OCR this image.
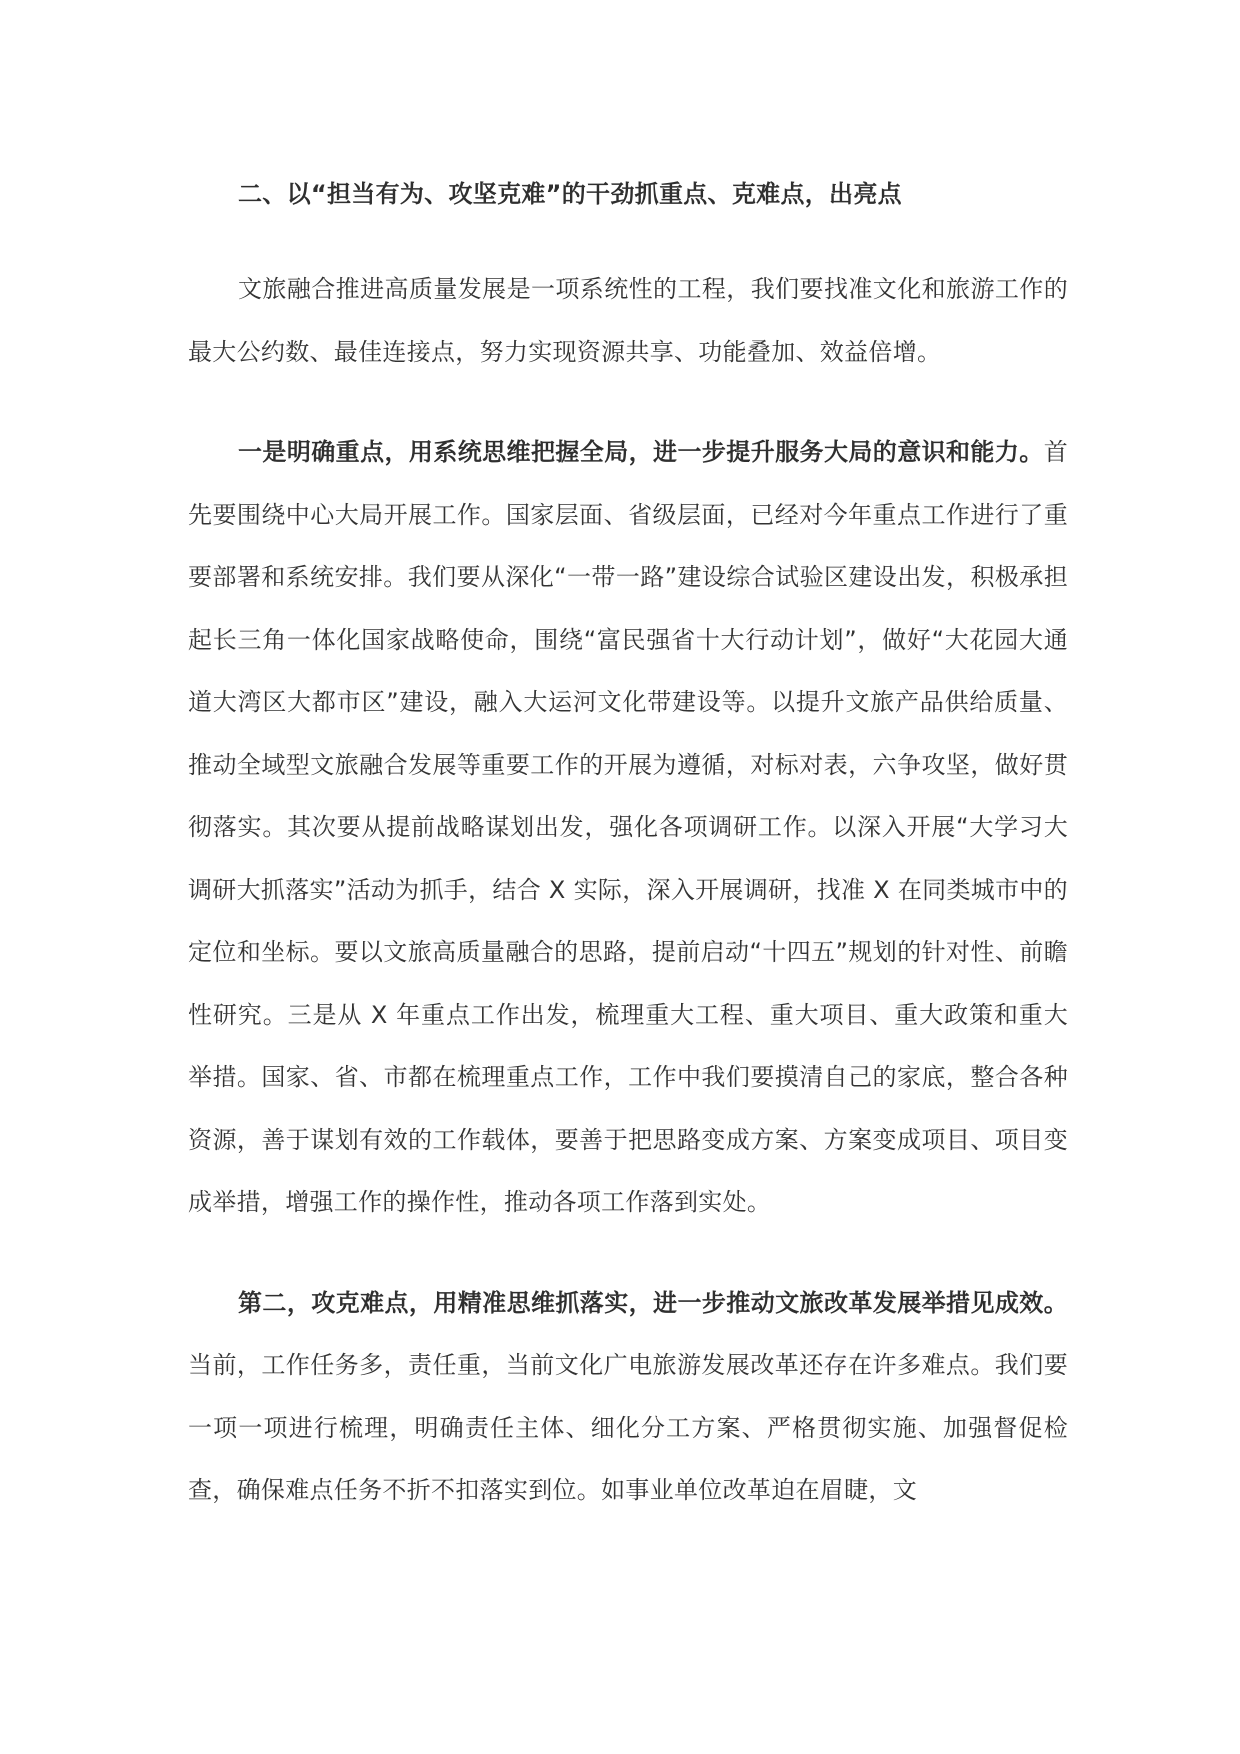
二、以“担当有为、攻坚克难”的干劲抓重点、克难点，出亮点

文旅融合推进高质量发展是一项系统性的工程，我们要找准文化和旅游工作的最大公约数、最佳连接点，努力实现资源共享、功能叠加、效益倍增。

一是明确重点，用系统思维把握全局，进一步提升服务大局的意识和能力。首先要围绕中心大局开展工作。国家层面、省级层面，已经对今年重点工作进行了重要部署和系统安排。我们要从深化“一带一路”建设综合试验区建设出发，积极承担起长三角一体化国家战略使命，围绕“富民强省十大行动计划”，做好“大花园大通道大湾区大都市区”建设，融入大运河文化带建设等。以提升文旅产品供给质量、推动全域型文旅融合发展等重要工作的开展为遵循，对标对表，六争攻坚，做好贯彻落实。其次要从提前战略谋划出发，强化各项调研工作。以深入开展“大学习大调研大抓落实”活动为抓手，结合 X 实际，深入开展调研，找准 X 在同类城市中的定位和坐标。要以文旅高质量融合的思路，提前启动“十四五”规划的针对性、前瞻性研究。三是从 X 年重点工作出发，梳理重大工程、重大项目、重大政策和重大举措。国家、省、市都在梳理重点工作，工作中我们要摸清自己的家底，整合各种资源，善于谋划有效的工作载体，要善于把思路变成方案、方案变成项目、项目变成举措，增强工作的操作性，推动各项工作落到实处。

第二，攻克难点，用精准思维抓落实，进一步推动文旅改革发展举措见成效。当前，工作任务多，责任重，当前文化广电旅游发展改革还存在许多难点。我们要一项一项进行梳理，明确责任主体、细化分工方案、严格贯彻实施、加强督促检查，确保难点任务不折不扣落实到位。如事业单位改革迫在眉睫，文
